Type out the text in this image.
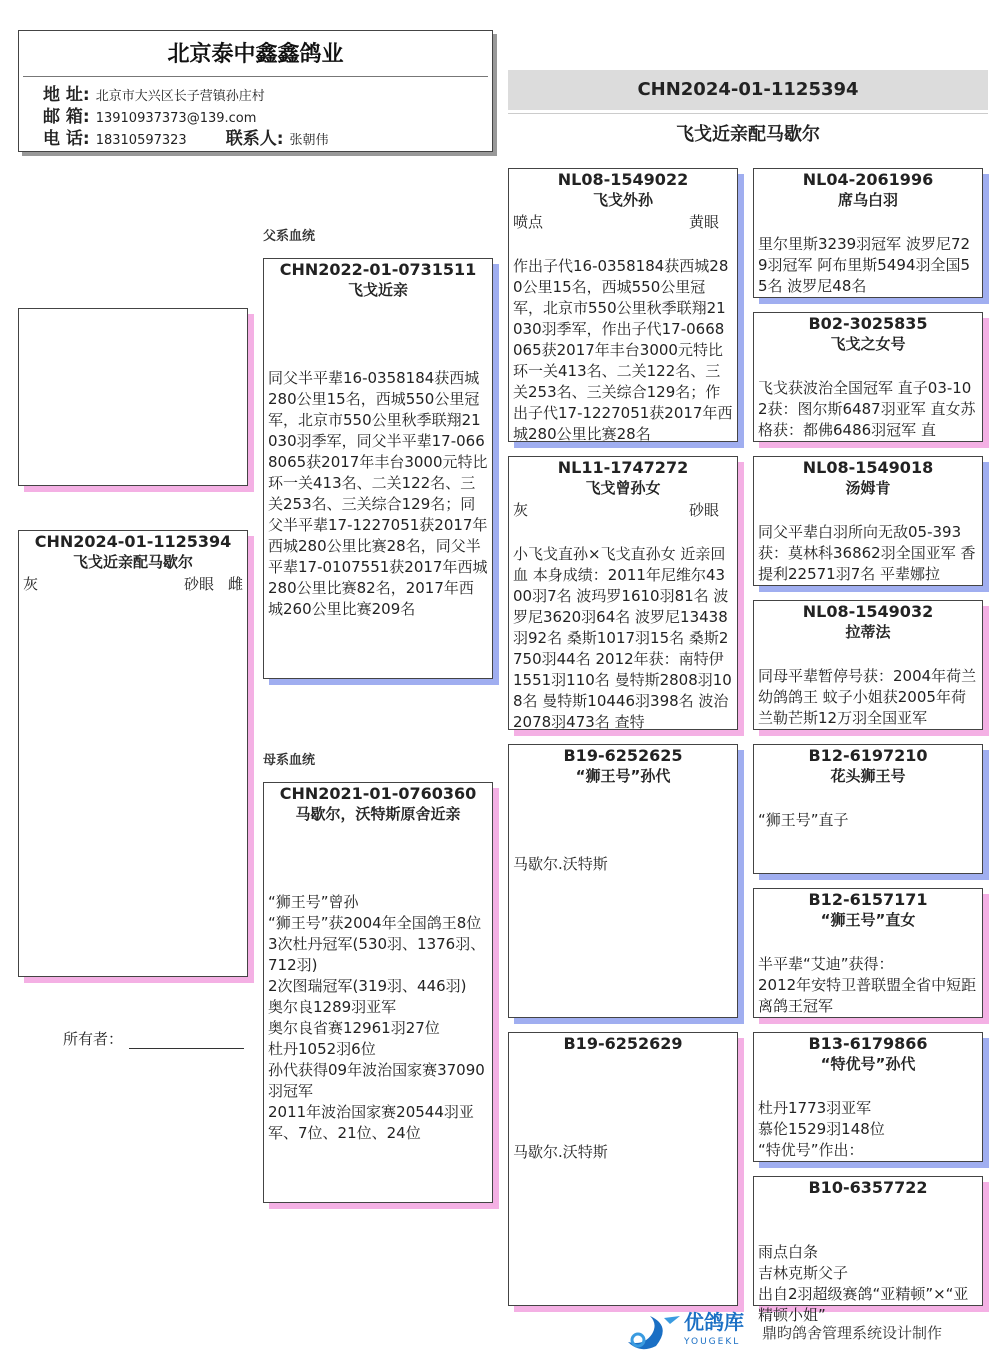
北京泰中鑫鑫鸽业
地 址: 北京市大兴区长子营镇孙庄村
邮 箱: 13910937373@139.com
电 话: 18310597323 联系人: 张朝伟
CHN2024-01-1125394
飞戈近亲配马歇尔
CHN2024-01-1125394
飞戈近亲配马歇尔
灰	砂眼 雌
所有者：
父系血统
母系血统
CHN2022-01-0731511
飞戈近亲
同父半平辈16-0358184获西城280公里15名，西城550公里冠军，北京市550公里秋季联翔21030羽季军，同父半平辈17-0668065获2017年丰台3000元特比环一关413名、二关122名、三关253名、三关综合129名；同父半平辈17-1227051获2017年西城280公里比赛28名，同父半平辈17-0107551获2017年西城280公里比赛82名，2017年西城260公里比赛209名
CHN2021-01-0760360
马歇尔，沃特斯原舍近亲
“狮王号”曾孙
“狮王号”获2004年全国鸽王8位
3次杜丹冠军(530羽、1376羽、712羽)
2次图瑞冠军(319羽、446羽)
奥尔良1289羽亚军
奥尔良省赛12961羽27位
杜丹1052羽6位
孙代获得09年波治国家赛37090羽冠军
2011年波治国家赛20544羽亚军、7位、21位、24位
NL08-1549022
飞戈外孙
喷点	黄眼
作出子代16-0358184获西城280公里15名，西城550公里冠军，北京市550公里秋季联翔21030羽季军，作出子代17-0668065获2017年丰台3000元特比环一关413名、二关122名、三关253名、三关综合129名；作出子代17-1227051获2017年西城280公里比赛28名
NL11-1747272
飞戈曾孙女
灰	砂眼
小飞戈直孙×飞戈直孙女 近亲回血 本身成绩：2011年尼维尔4300羽7名 波玛罗1610羽81名 波罗尼3620羽64名 波罗尼13438羽92名 桑斯1017羽15名 桑斯2750羽44名 2012年获：南特伊1551羽110名 曼特斯2808羽108名 曼特斯10446羽398名 波治2078羽473名 查特
B19-6252625
“狮王号”孙代
马歇尔.沃特斯
B19-6252629
马歇尔.沃特斯
NL04-2061996
席乌白羽
里尔里斯3239羽冠军 波罗尼729羽冠军 阿布里斯5494羽全国55名 波罗尼48名
B02-3025835
飞戈之女号
飞戈获波治全国冠军 直子03-102获：图尔斯6487羽亚军 直女苏格获：都佛6486羽冠军 直
NL08-1549018
汤姆肯
同父平辈白羽所向无敌05-393获：莫林科36862羽全国亚军 香提利22571羽7名 平辈娜拉
NL08-1549032
拉蒂法
同母平辈暂停号获：2004年荷兰幼鸽鸽王 蚊子小姐获2005年荷兰勒芒斯12万羽全国亚军
B12-6197210
花头狮王号
“狮王号”直子
B12-6157171
“狮王号”直女
半平辈“艾迪”获得：
2012年安特卫普联盟全省中短距离鸽王冠军
B13-6179866
“特优号”孙代
杜丹1773羽亚军
慕伦1529羽148位
“特优号”作出：
B10-6357722
雨点白条
吉林克斯父子
出自2羽超级赛鸽“亚精顿”×“亚精顿小姐”
优鸽库
YOUGEKL
鼎昀鸽舍管理系统设计制作
